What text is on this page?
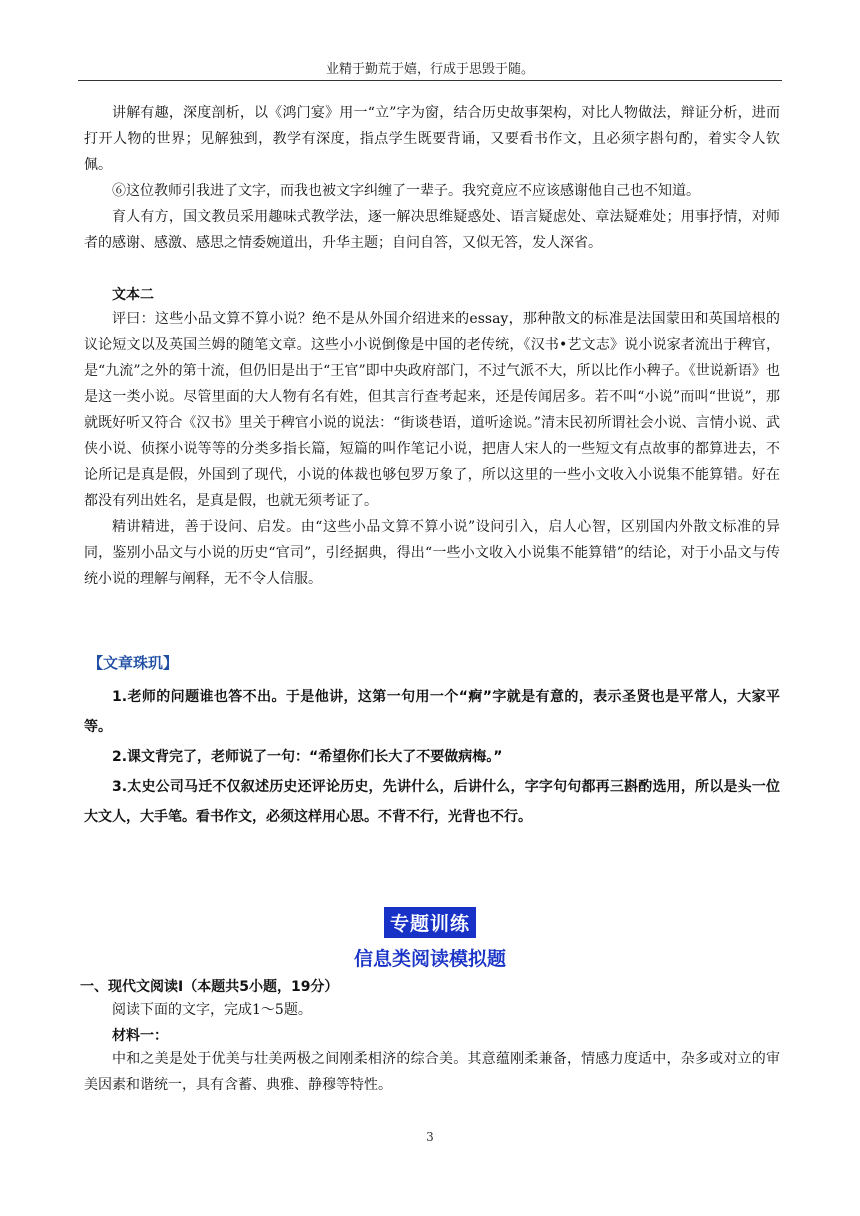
业精于勤荒于嬉，行成于思毁于随。

讲解有趣，深度剖析，以《鸿门宴》用一“立”字为窗，结合历史故事架构，对比人物做法，辩证分析，进而打开人物的世界；见解独到，教学有深度，指点学生既要背诵，又要看书作文，且必须字斟句酌，着实令人钦佩。

⑥这位教师引我进了文字，而我也被文字纠缠了一辈子。我究竟应不应该感谢他自己也不知道。

育人有方，国文教员采用趣味式教学法，逐一解决思维疑惑处、语言疑虑处、章法疑难处；用事抒情，对师者的感谢、感激、感思之情委婉道出，升华主题；自问自答，又似无答，发人深省。

文本二

评曰：这些小品文算不算小说？绝不是从外国介绍进来的essay，那种散文的标准是法国蒙田和英国培根的议论短文以及英国兰姆的随笔文章。这些小小说倒像是中国的老传统，《汉书•艺文志》说小说家者流出于稗官，是“九流”之外的第十流，但仍旧是出于“王官”即中央政府部门，不过气派不大，所以比作小稗子。《世说新语》也是这一类小说。尽管里面的大人物有名有姓，但其言行查考起来，还是传闻居多。若不叫“小说”而叫“世说”，那就既好听又符合《汉书》里关于稗官小说的说法：“街谈巷语，道听途说。”清末民初所谓社会小说、言情小说、武侠小说、侦探小说等等的分类多指长篇，短篇的叫作笔记小说，把唐人宋人的一些短文有点故事的都算进去，不论所记是真是假，外国到了现代，小说的体裁也够包罗万象了，所以这里的一些小文收入小说集不能算错。好在都没有列出姓名，是真是假，也就无须考证了。

精讲精进，善于设问、启发。由“这些小品文算不算小说”设问引入，启人心智，区别国内外散文标准的异同，鉴别小品文与小说的历史“官司”，引经据典，得出“一些小文收入小说集不能算错”的结论，对于小品文与传统小说的理解与阐释，无不令人信服。

【文章珠玑】

1.老师的问题谁也答不出。于是他讲，这第一句用一个“痾”字就是有意的，表示圣贤也是平常人，大家平等。

2.课文背完了，老师说了一句：“希望你们长大了不要做病梅。”

3.太史公司马迁不仅叙述历史还评论历史，先讲什么，后讲什么，字字句句都再三斟酌选用，所以是头一位大文人，大手笔。看书作文，必须这样用心思。不背不行，光背也不行。

专题训练
信息类阅读模拟题
一、现代文阅读Ⅰ（本题共5小题，19分）
阅读下面的文字，完成1～5题。
材料一：

中和之美是处于优美与壮美两极之间刚柔相济的综合美。其意蕴刚柔兼备，情感力度适中，杂多或对立的审美因素和谐统一，具有含蓄、典雅、静穆等特性。

3
